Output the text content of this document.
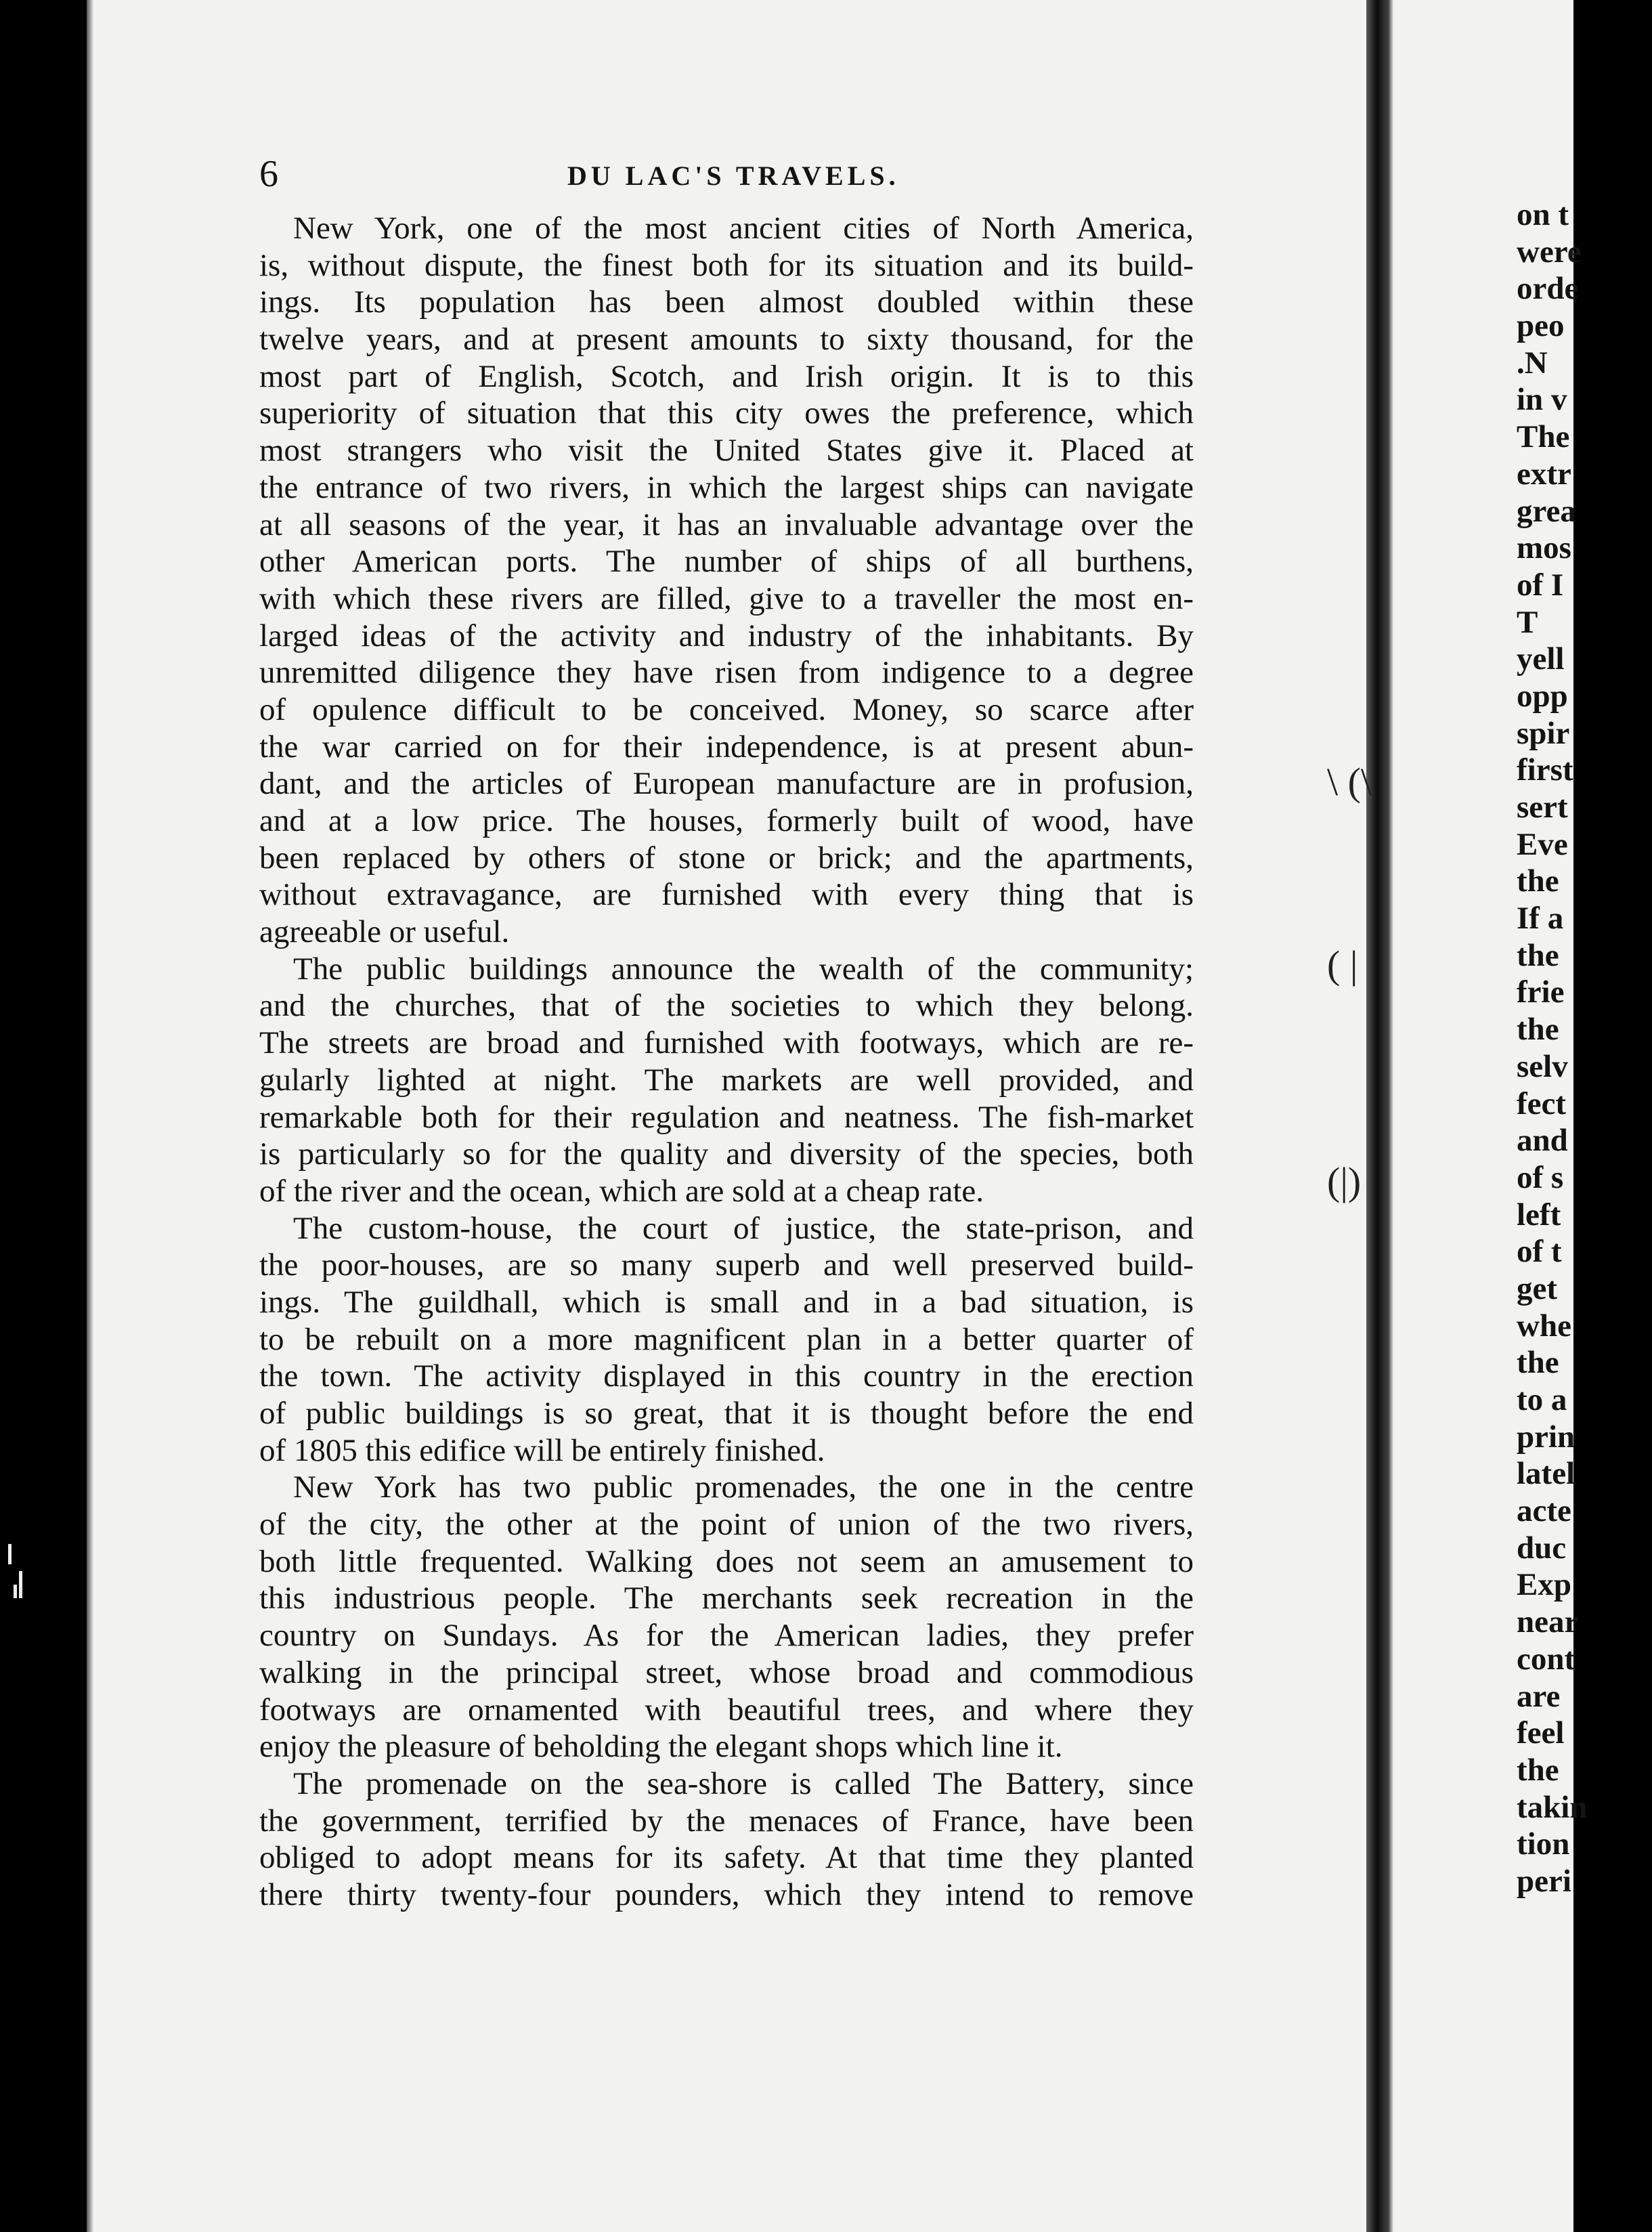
6	DU LAC'S TRAVELS.
New York, one of the most ancient cities of North America,
is, without dispute, the finest both for its situation and its build-
ings. Its population has been almost doubled within these
twelve years, and at present amounts to sixty thousand, for the
most part of English, Scotch, and Irish origin. It is to this
superiority of situation that this city owes the preference, which
most strangers who visit the United States give it. Placed at
the entrance of two rivers, in which the largest ships can navigate
at all seasons of the year, it has an invaluable advantage over the
other American ports. The number of ships of all burthens,
with which these rivers are filled, give to a traveller the most en-
larged ideas of the activity and industry of the inhabitants. By
unremitted diligence they have risen from indigence to a degree
of opulence difficult to be conceived. Money, so scarce after
the war carried on for their independence, is at present abun-
dant, and the articles of European manufacture are in profusion,
and at a low price. The houses, formerly built of wood, have
been replaced by others of stone or brick; and the apartments,
without extravagance, are furnished with every thing that is
agreeable or useful.
The public buildings announce the wealth of the community;
and the churches, that of the societies to which they belong.
The streets are broad and furnished with footways, which are re-
gularly lighted at night. The markets are well provided, and
remarkable both for their regulation and neatness. The fish-market
is particularly so for the quality and diversity of the species, both
of the river and the ocean, which are sold at a cheap rate.
The custom-house, the court of justice, the state-prison, and
the poor-houses, are so many superb and well preserved build-
ings. The guildhall, which is small and in a bad situation, is
to be rebuilt on a more magnificent plan in a better quarter of
the town. The activity displayed in this country in the erection
of public buildings is so great, that it is thought before the end
of 1805 this edifice will be entirely finished.
New York has two public promenades, the one in the centre
of the city, the other at the point of union of the two rivers,
both little frequented. Walking does not seem an amusement to
this industrious people. The merchants seek recreation in the
country on Sundays. As for the American ladies, they prefer
walking in the principal street, whose broad and commodious
footways are ornamented with beautiful trees, and where they
enjoy the pleasure of beholding the elegant shops which line it.
The promenade on the sea-shore is called The Battery, since
the government, terrified by the menaces of France, have been
obliged to adopt means for its safety. At that time they planted
there thirty twenty-four pounders, which they intend to remove
\ (\
( |
(|)
on t
were
orde
peo
.N
in v
The
extr
grea
mos
of I
T
yell
opp
spir
first
sert
Eve
the
If a
the
frie
the
selv
fect
and
of s
left
of t
get
whe
the
to a
prin
latel
acte
duc
Exp
near
cont
are
feel
the
takin
tion
peri
